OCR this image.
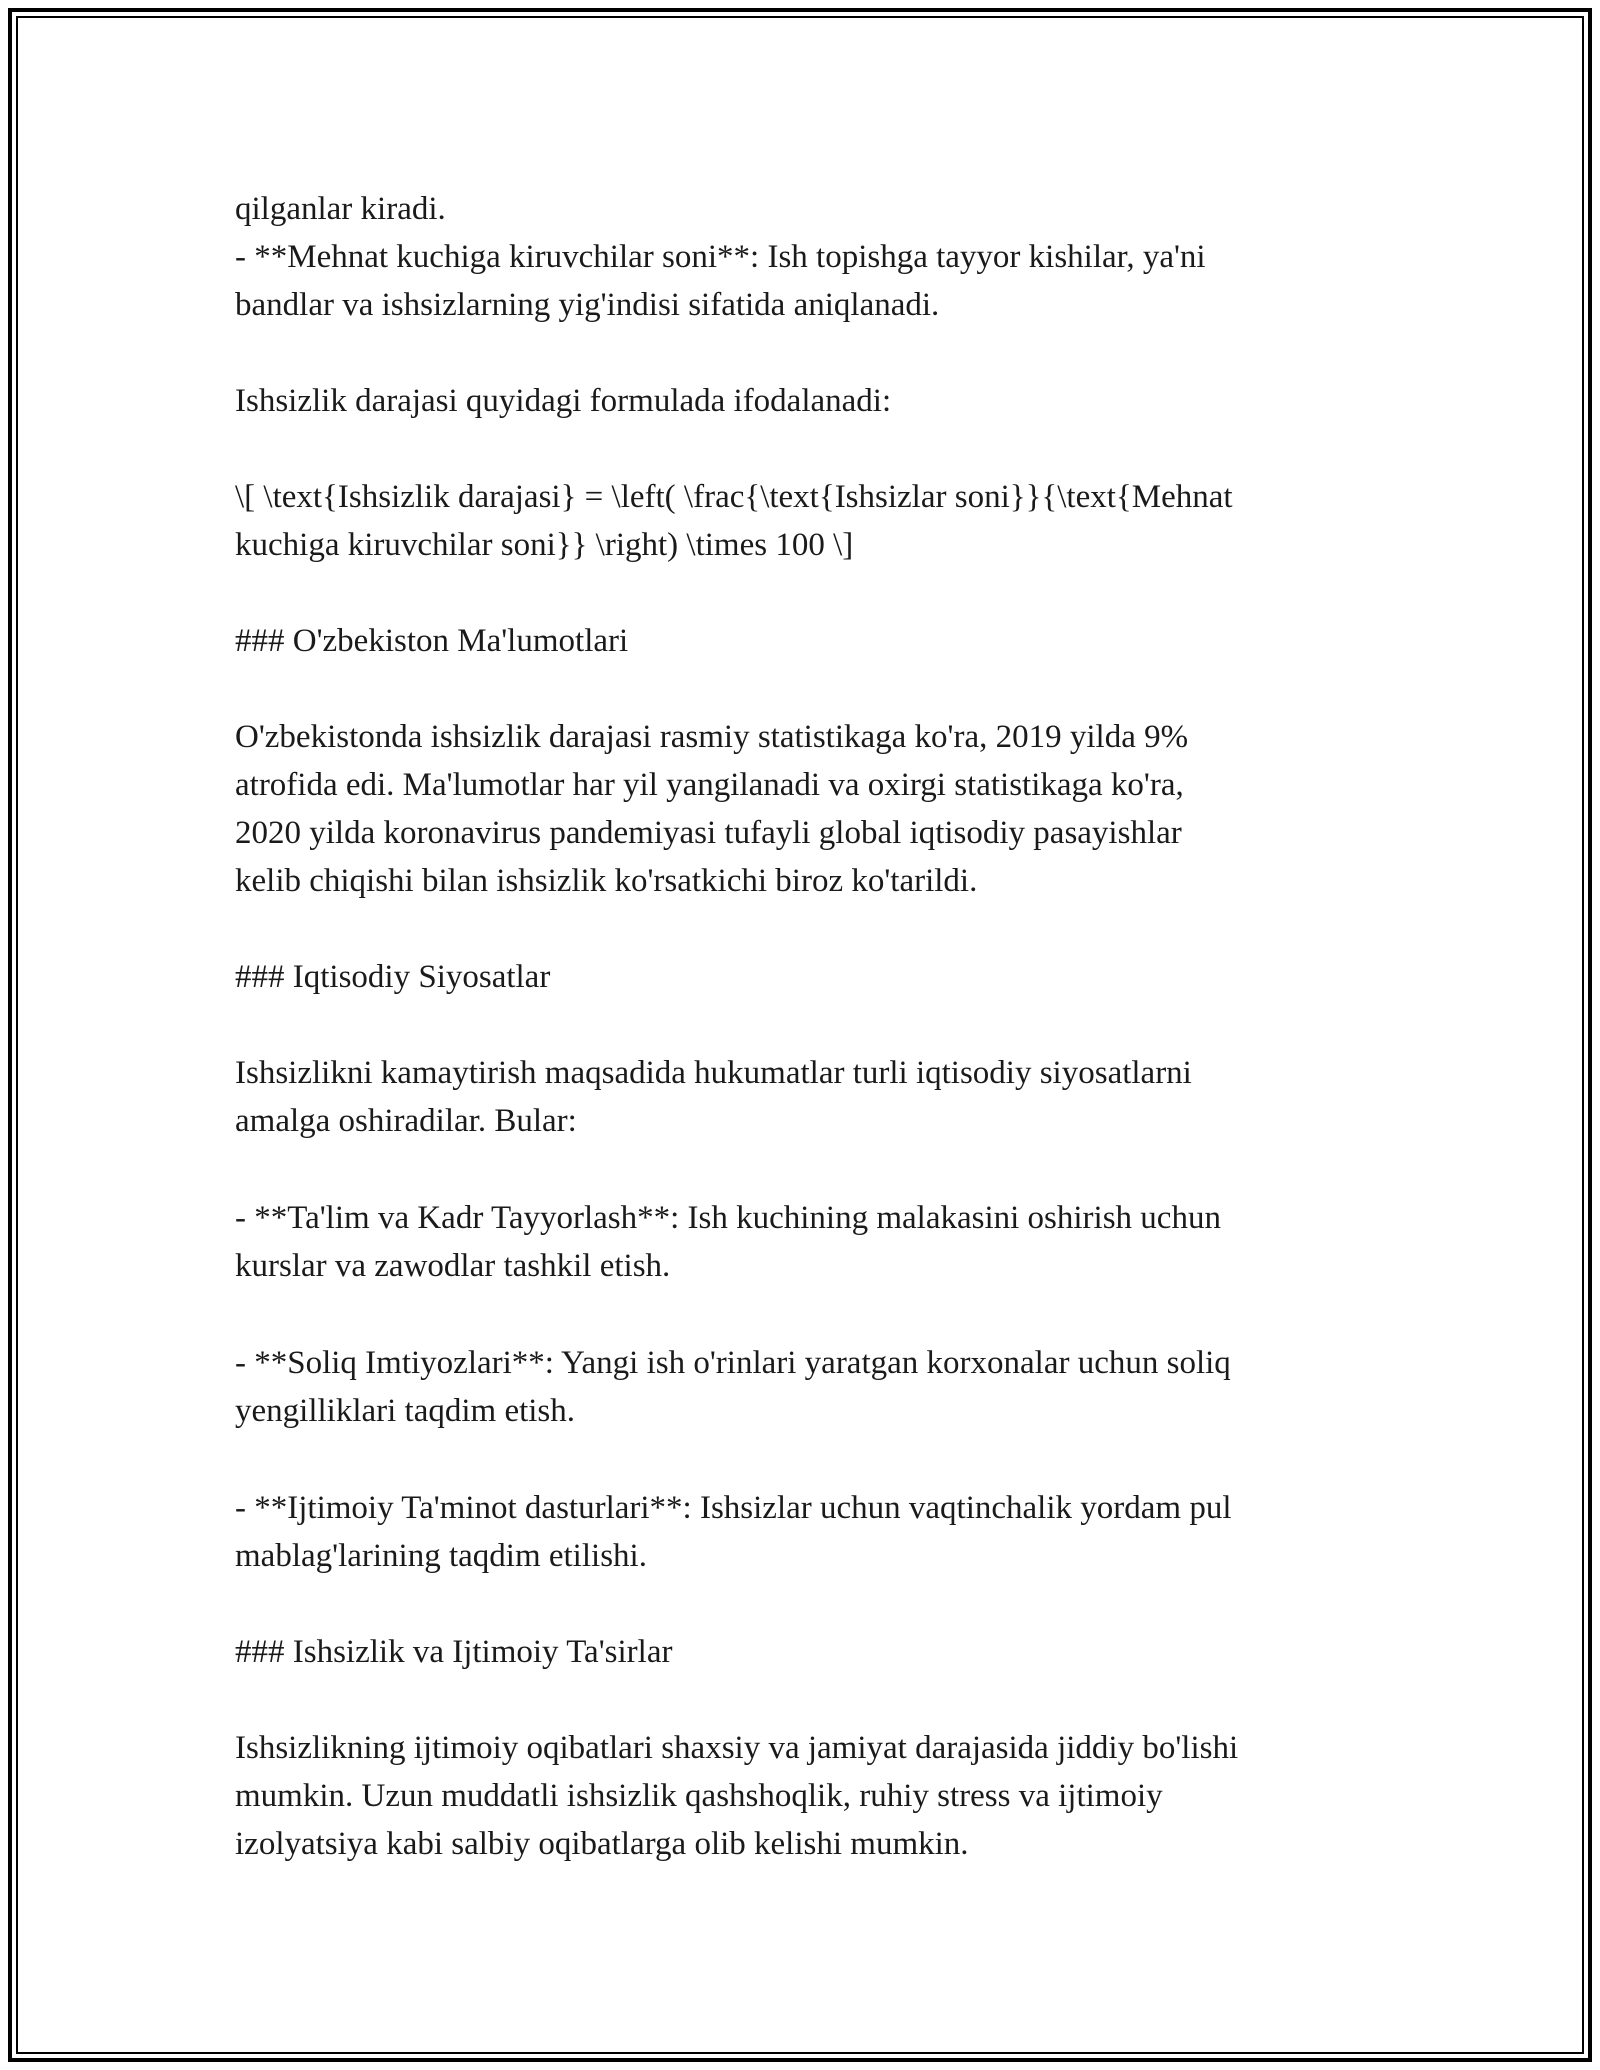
qilganlar kiradi.
- **Mehnat kuchiga kiruvchilar soni**: Ish topishga tayyor kishilar, ya'ni
bandlar va ishsizlarning yig'indisi sifatida aniqlanadi.
Ishsizlik darajasi quyidagi formulada ifodalanadi:
\[ \text{Ishsizlik darajasi} = \left( \frac{\text{Ishsizlar soni}}{\text{Mehnat
kuchiga kiruvchilar soni}} \right) \times 100 \]
### O'zbekiston Ma'lumotlari
O'zbekistonda ishsizlik darajasi rasmiy statistikaga ko'ra, 2019 yilda 9%
atrofida edi. Ma'lumotlar har yil yangilanadi va oxirgi statistikaga ko'ra,
2020 yilda koronavirus pandemiyasi tufayli global iqtisodiy pasayishlar
kelib chiqishi bilan ishsizlik ko'rsatkichi biroz ko'tarildi.
### Iqtisodiy Siyosatlar
Ishsizlikni kamaytirish maqsadida hukumatlar turli iqtisodiy siyosatlarni
amalga oshiradilar. Bular:
- **Ta'lim va Kadr Tayyorlash**: Ish kuchining malakasini oshirish uchun
kurslar va zawodlar tashkil etish.
- **Soliq Imtiyozlari**: Yangi ish o'rinlari yaratgan korxonalar uchun soliq
yengilliklari taqdim etish.
- **Ijtimoiy Ta'minot dasturlari**: Ishsizlar uchun vaqtinchalik yordam pul
mablag'larining taqdim etilishi.
### Ishsizlik va Ijtimoiy Ta'sirlar
Ishsizlikning ijtimoiy oqibatlari shaxsiy va jamiyat darajasida jiddiy bo'lishi
mumkin. Uzun muddatli ishsizlik qashshoqlik, ruhiy stress va ijtimoiy
izolyatsiya kabi salbiy oqibatlarga olib kelishi mumkin.
